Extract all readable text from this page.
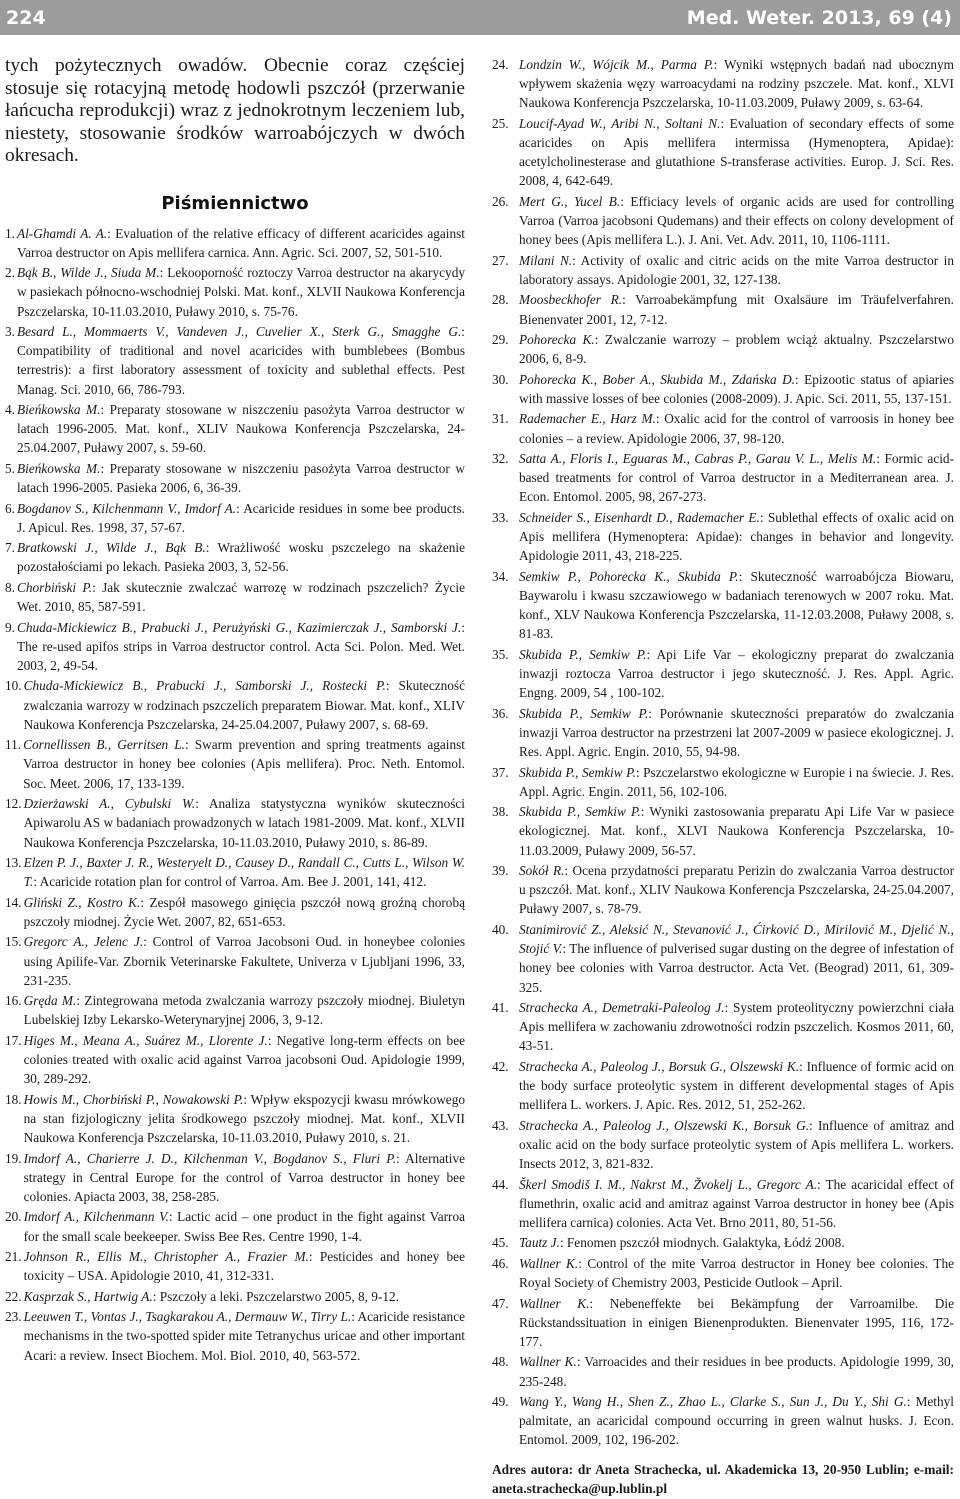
224	Med. Weter. 2013, 69 (4)

tych pożytecznych owadów. Obecnie coraz częściej stosuje się rotacyjną metodę hodowli pszczół (przerwanie łańcucha reprodukcji) wraz z jednokrotnym leczeniem lub, niestety, stosowanie środków warroabójczych w dwóch okresach.

Piśmiennictwo
1. Al-Ghamdi A. A.: Evaluation of the relative efficacy of different acaricides against Varroa destructor on Apis mellifera carnica. Ann. Agric. Sci. 2007, 52, 501-510.
2. Bąk B., Wilde J., Siuda M.: Lekooporność roztoczy Varroa destructor na akarycydy w pasiekach północno-wschodniej Polski. Mat. konf., XLVII Naukowa Konferencja Pszczelarska, 10-11.03.2010, Puławy 2010, s. 75-76.
3. Besard L., Mommaerts V., Vandeven J., Cuvelier X., Sterk G., Smagghe G.: Compatibility of traditional and novel acaricides with bumblebees (Bombus terrestris): a first laboratory assessment of toxicity and sublethal effects. Pest Manag. Sci. 2010, 66, 786-793.
4. Bieńkowska M.: Preparaty stosowane w niszczeniu pasożyta Varroa destructor w latach 1996-2005. Mat. konf., XLIV Naukowa Konferencja Pszczelarska, 24-25.04.2007, Puławy 2007, s. 59-60.
5. Bieńkowska M.: Preparaty stosowane w niszczeniu pasożyta Varroa destructor w latach 1996-2005. Pasieka 2006, 6, 36-39.
6. Bogdanov S., Kilchenmann V., Imdorf A.: Acaricide residues in some bee products. J. Apicul. Res. 1998, 37, 57-67.
7. Bratkowski J., Wilde J., Bąk B.: Wrażliwość wosku pszczelego na skażenie pozostałościami po lekach. Pasieka 2003, 3, 52-56.
8. Chorbiński P.: Jak skutecznie zwalczać warrozę w rodzinach pszczelich? Życie Wet. 2010, 85, 587-591.
9. Chuda-Mickiewicz B., Prabucki J., Perużyński G., Kazimierczak J., Samborski J.: The re-used apifos strips in Varroa destructor control. Acta Sci. Polon. Med. Wet. 2003, 2, 49-54.
10. Chuda-Mickiewicz B., Prabucki J., Samborski J., Rostecki P.: Skuteczność zwalczania warrozy w rodzinach pszczelich preparatem Biowar. Mat. konf., XLIV Naukowa Konferencja Pszczelarska, 24-25.04.2007, Puławy 2007, s. 68-69.
11. Cornellissen B., Gerritsen L.: Swarm prevention and spring treatments against Varroa destructor in honey bee colonies (Apis mellifera). Proc. Neth. Entomol. Soc. Meet. 2006, 17, 133-139.
12. Dzierżawski A., Cybulski W.: Analiza statystyczna wyników skuteczności Apiwarolu AS w badaniach prowadzonych w latach 1981-2009. Mat. konf., XLVII Naukowa Konferencja Pszczelarska, 10-11.03.2010, Puławy 2010, s. 86-89.
13. Elzen P. J., Baxter J. R., Westeryelt D., Causey D., Randall C., Cutts L., Wilson W. T.: Acaricide rotation plan for control of Varroa. Am. Bee J. 2001, 141, 412.
14. Gliński Z., Kostro K.: Zespół masowego ginięcia pszczół nową groźną chorobą pszczoły miodnej. Życie Wet. 2007, 82, 651-653.
15. Gregorc A., Jelenc J.: Control of Varroa Jacobsoni Oud. in honeybee colonies using Apilife-Var. Zbornik Veterinarske Fakultete, Univerza v Ljubljani 1996, 33, 231-235.
16. Gręda M.: Zintegrowana metoda zwalczania warrozy pszczoły miodnej. Biuletyn Lubelskiej Izby Lekarsko-Weterynaryjnej 2006, 3, 9-12.
17. Higes M., Meana A., Suárez M., Llorente J.: Negative long-term effects on bee colonies treated with oxalic acid against Varroa jacobsoni Oud. Apidologie 1999, 30, 289-292.
18. Howis M., Chorbiński P., Nowakowski P.: Wpływ ekspozycji kwasu mrówkowego na stan fizjologiczny jelita środkowego pszczoły miodnej. Mat. konf., XLVII Naukowa Konferencja Pszczelarska, 10-11.03.2010, Puławy 2010, s. 21.
19. Imdorf A., Charierre J. D., Kilchenman V., Bogdanov S., Fluri P.: Alternative strategy in Central Europe for the control of Varroa destructor in honey bee colonies. Apiacta 2003, 38, 258-285.
20. Imdorf A., Kilchenmann V.: Lactic acid – one product in the fight against Varroa for the small scale beekeeper. Swiss Bee Res. Centre 1990, 1-4.
21. Johnson R., Ellis M., Christopher A., Frazier M.: Pesticides and honey bee toxicity – USA. Apidologie 2010, 41, 312-331.
22. Kasprzak S., Hartwig A.: Pszczoły a leki. Pszczelarstwo 2005, 8, 9-12.
23. Leeuwen T., Vontas J., Tsagkarakou A., Dermauw W., Tirry L.: Acaricide resistance mechanisms in the two-spotted spider mite Tetranychus uricae and other important Acari: a review. Insect Biochem. Mol. Biol. 2010, 40, 563-572.
24. Londzin W., Wójcik M., Parma P.: Wyniki wstępnych badań nad ubocznym wpływem skażenia węzy warroacydami na rodziny pszczele. Mat. konf., XLVI Naukowa Konferencja Pszczelarska, 10-11.03.2009, Puławy 2009, s. 63-64.
25. Loucif-Ayad W., Aribi N., Soltani N.: Evaluation of secondary effects of some acaricides on Apis mellifera intermissa (Hymenoptera, Apidae): acetylcholinesterase and glutathione S-transferase activities. Europ. J. Sci. Res. 2008, 4, 642-649.
26. Mert G., Yucel B.: Efficiacy levels of organic acids are used for controlling Varroa (Varroa jacobsoni Qudemans) and their effects on colony development of honey bees (Apis mellifera L.). J. Ani. Vet. Adv. 2011, 10, 1106-1111.
27. Milani N.: Activity of oxalic and citric acids on the mite Varroa destructor in laboratory assays. Apidologie 2001, 32, 127-138.
28. Moosbeckhofer R.: Varroabekämpfung mit Oxalsäure im Träufelverfahren. Bienenvater 2001, 12, 7-12.
29. Pohorecka K.: Zwalczanie warrozy – problem wciąż aktualny. Pszczelarstwo 2006, 6, 8-9.
30. Pohorecka K., Bober A., Skubida M., Zdańska D.: Epizootic status of apiaries with massive losses of bee colonies (2008-2009). J. Apic. Sci. 2011, 55, 137-151.
31. Rademacher E., Harz M.: Oxalic acid for the control of varroosis in honey bee colonies – a review. Apidologie 2006, 37, 98-120.
32. Satta A., Floris I., Eguaras M., Cabras P., Garau V. L., Melis M.: Formic acid-based treatments for control of Varroa destructor in a Mediterranean area. J. Econ. Entomol. 2005, 98, 267-273.
33. Schneider S., Eisenhardt D., Rademacher E.: Sublethal effects of oxalic acid on Apis mellifera (Hymenoptera: Apidae): changes in behavior and longevity. Apidologie 2011, 43, 218-225.
34. Semkiw P., Pohorecka K., Skubida P.: Skuteczność warroabójcza Biowaru, Baywarolu i kwasu szczawiowego w badaniach terenowych w 2007 roku. Mat. konf., XLV Naukowa Konferencja Pszczelarska, 11-12.03.2008, Puławy 2008, s. 81-83.
35. Skubida P., Semkiw P.: Api Life Var – ekologiczny preparat do zwalczania inwazji roztocza Varroa destructor i jego skuteczność. J. Res. Appl. Agric. Engng. 2009, 54 , 100-102.
36. Skubida P., Semkiw P.: Porównanie skuteczności preparatów do zwalczania inwazji Varroa destructor na przestrzeni lat 2007-2009 w pasiece ekologicznej. J. Res. Appl. Agric. Engin. 2010, 55, 94-98.
37. Skubida P., Semkiw P.: Pszczelarstwo ekologiczne w Europie i na świecie. J. Res. Appl. Agric. Engin. 2011, 56, 102-106.
38. Skubida P., Semkiw P.: Wyniki zastosowania preparatu Api Life Var w pasiece ekologicznej. Mat. konf., XLVI Naukowa Konferencja Pszczelarska, 10-11.03.2009, Puławy 2009, 56-57.
39. Sokół R.: Ocena przydatności preparatu Perizin do zwalczania Varroa destructor u pszczół. Mat. konf., XLIV Naukowa Konferencja Pszczelarska, 24-25.04.2007, Puławy 2007, s. 78-79.
40. Stanimirović Z., Aleksić N., Stevanović J., Ćirković D., Mirilović M., Djelić N., Stojić V.: The influence of pulverised sugar dusting on the degree of infestation of honey bee colonies with Varroa destructor. Acta Vet. (Beograd) 2011, 61, 309-325.
41. Strachecka A., Demetraki-Paleolog J.: System proteolityczny powierzchni ciała Apis mellifera w zachowaniu zdrowotności rodzin pszczelich. Kosmos 2011, 60, 43-51.
42. Strachecka A., Paleolog J., Borsuk G., Olszewski K.: Influence of formic acid on the body surface proteolytic system in different developmental stages of Apis mellifera L. workers. J. Apic. Res. 2012, 51, 252-262.
43. Strachecka A., Paleolog J., Olszewski K., Borsuk G.: Influence of amitraz and oxalic acid on the body surface proteolytic system of Apis mellifera L. workers. Insects 2012, 3, 821-832.
44. Škerl Smodiš I. M., Nakrst M., Žvokelj L., Gregorc A.: The acaricidal effect of flumethrin, oxalic acid and amitraz against Varroa destructor in honey bee (Apis mellifera carnica) colonies. Acta Vet. Brno 2011, 80, 51-56.
45. Tautz J.: Fenomen pszczół miodnych. Galaktyka, Łódź 2008.
46. Wallner K.: Control of the mite Varroa destructor in Honey bee colonies. The Royal Society of Chemistry 2003, Pesticide Outlook – April.
47. Wallner K.: Nebeneffekte bei Bekämpfung der Varroamilbe. Die Rückstandssituation in einigen Bienenprodukten. Bienenvater 1995, 116, 172-177.
48. Wallner K.: Varroacides and their residues in bee products. Apidologie 1999, 30, 235-248.
49. Wang Y., Wang H., Shen Z., Zhao L., Clarke S., Sun J., Du Y., Shi G.: Methyl palmitate, an acaricidal compound occurring in green walnut husks. J. Econ. Entomol. 2009, 102, 196-202.
Adres autora: dr Aneta Strachecka, ul. Akademicka 13, 20-950 Lublin; e-mail: aneta.strachecka@up.lublin.pl
